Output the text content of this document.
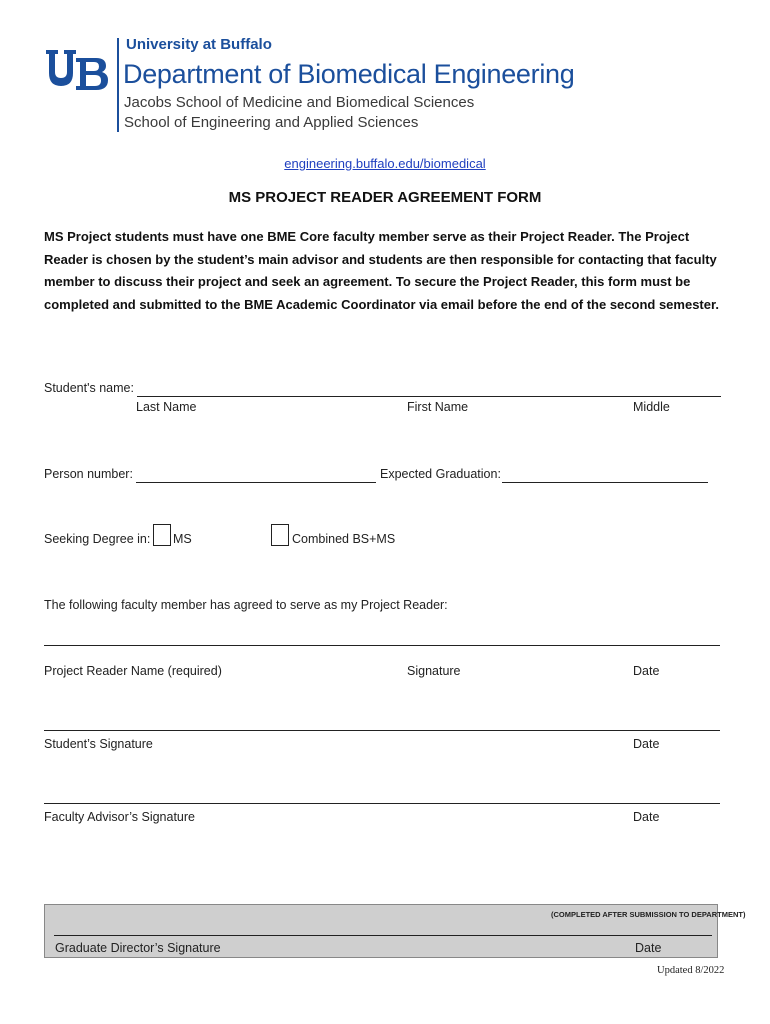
University at Buffalo
Department of Biomedical Engineering
Jacobs School of Medicine and Biomedical Sciences
School of Engineering and Applied Sciences
engineering.buffalo.edu/biomedical
MS PROJECT READER AGREEMENT FORM
MS Project students must have one BME Core faculty member serve as their Project Reader. The Project Reader is chosen by the student’s main advisor and students are then responsible for contacting that faculty member to discuss their project and seek an agreement. To secure the Project Reader, this form must be completed and submitted to the BME Academic Coordinator via email before the end of the second semester.
Student's name:
Last Name	First Name	Middle
Person number:	Expected Graduation:
Seeking Degree in: MS	Combined BS+MS
The following faculty member has agreed to serve as my Project Reader:
Project Reader Name (required)	Signature	Date
Student’s Signature	Date
Faculty Advisor’s Signature	Date
(COMPLETED AFTER SUBMISSION TO DEPARTMENT)
Graduate Director’s Signature	Date
Updated 8/2022
